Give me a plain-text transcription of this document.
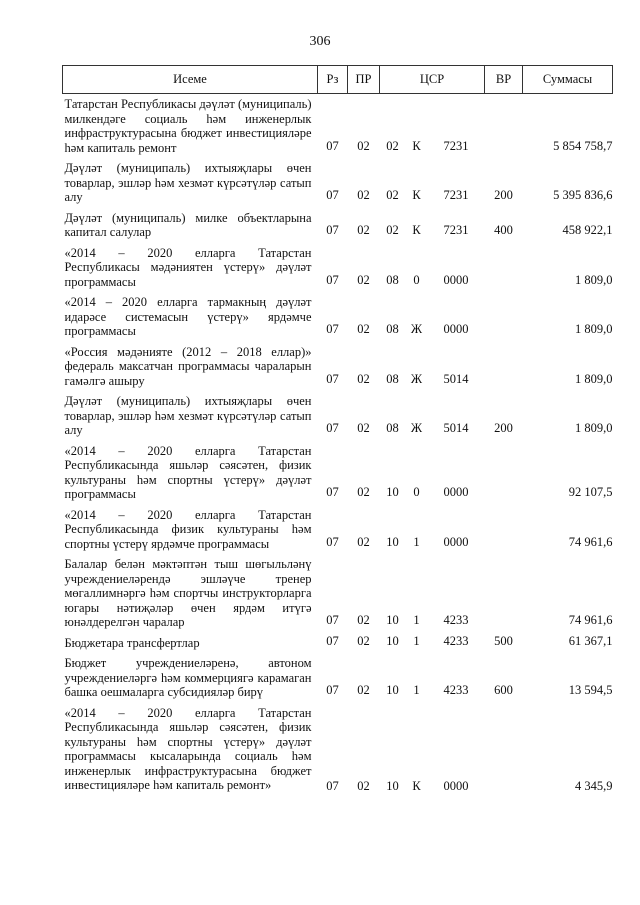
306
Исеме	Рз	ПР	ЦСР			ВР	Суммасы
Татарстан Республикасы дәүләт (муниципаль) милкендәге социаль һәм инженерлык инфраструктурасына бюджет инвестицияләре һәм капиталь ремонт	07	02	02	К	7231		5 854 758,7
Дәүләт (муниципаль) ихтыяҗлары өчен товарлар, эшләр һәм хезмәт күрсәтүләр сатып алу	07	02	02	К	7231	200	5 395 836,6
Дәүләт (муниципаль) милке объектларына капитал салулар	07	02	02	К	7231	400	458 922,1
«2014 – 2020 елларга Татарстан Республикасы мәдәниятен үстерү» дәүләт программасы	07	02	08	0	0000		1 809,0
«2014 – 2020 елларга тармакның дәүләт идарәсе системасын үстерү» ярдәмче программасы	07	02	08	Ж	0000		1 809,0
«Россия мәдәнияте (2012 – 2018 еллар)» федераль максатчан программасы чараларын гамәлгә ашыру	07	02	08	Ж	5014		1 809,0
Дәүләт (муниципаль) ихтыяҗлары өчен товарлар, эшләр һәм хезмәт күрсәтүләр сатып алу	07	02	08	Ж	5014	200	1 809,0
«2014 – 2020 елларга Татарстан Республикасында яшьләр сәясәтен, физик культураны һәм спортны үстерү» дәүләт программасы	07	02	10	0	0000		92 107,5
«2014 – 2020 елларга Татарстан Республикасында физик культураны һәм спортны үстерү ярдәмче программасы	07	02	10	1	0000		74 961,6
Балалар белән мәктәптән тыш шөгыльләнү учреждениеләрендә эшләүче тренер мөгаллимнәргә һәм спортчы инструкторларга югары нәтиҗәләр өчен ярдәм итүгә юнәлдерелгән чаралар	07	02	10	1	4233		74 961,6
Бюджетара трансфертлар	07	02	10	1	4233	500	61 367,1
Бюджет учреждениеләренә, автоном учреждениеләргә һәм коммерциягә карамаган башка оешмаларга субсидияләр бирү	07	02	10	1	4233	600	13 594,5
«2014 – 2020 елларга Татарстан Республикасында яшьләр сәясәтен, физик культураны һәм спортны үстерү» дәүләт программасы кысаларында социаль һәм инженерлык инфраструктурасына бюджет инвестицияләре һәм капиталь ремонт»	07	02	10	К	0000		4 345,9
